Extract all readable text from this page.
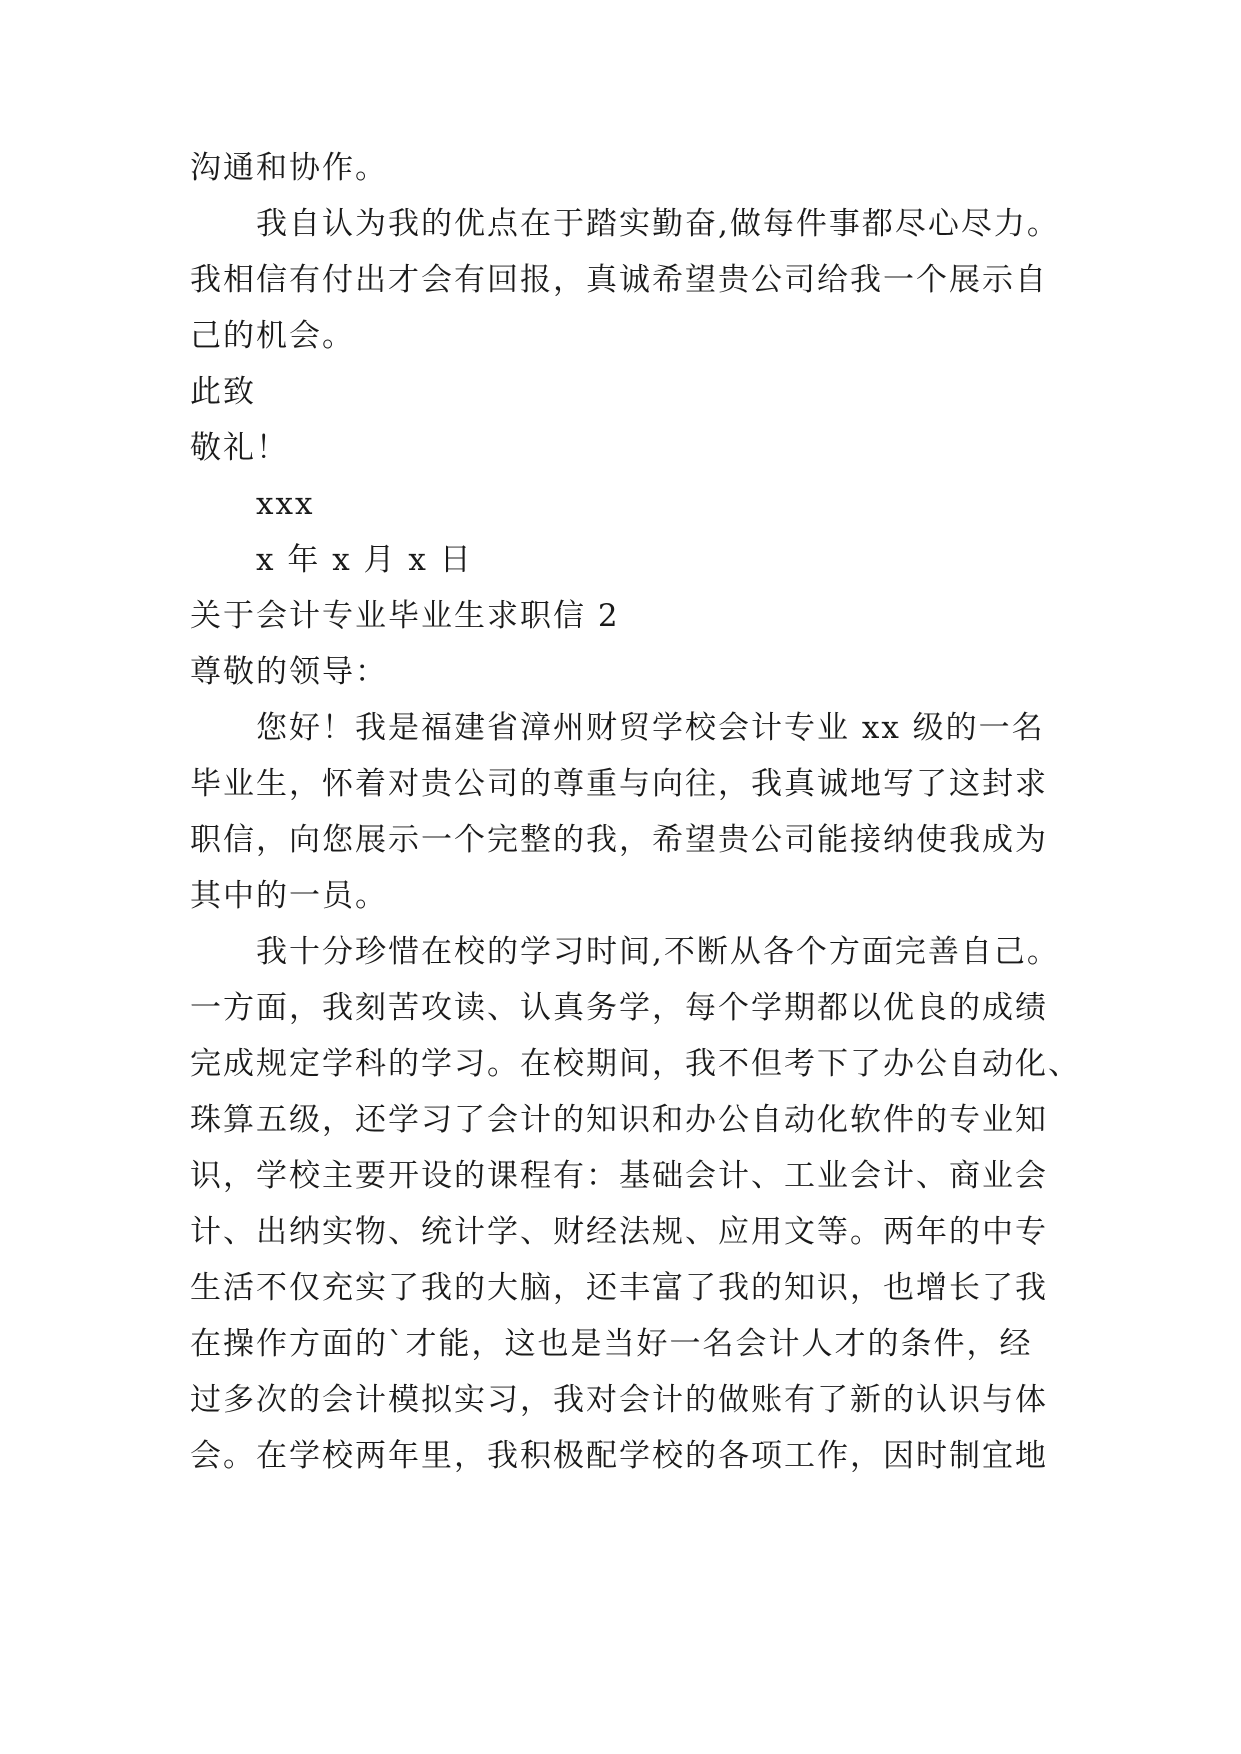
沟通和协作。
我自认为我的优点在于踏实勤奋,做每件事都尽心尽力。
我相信有付出才会有回报，真诚希望贵公司给我一个展示自
己的机会。
此致
敬礼！
xxx
x 年 x 月 x 日
关于会计专业毕业生求职信 2
尊敬的领导：
您好！我是福建省漳州财贸学校会计专业 xx 级的一名
毕业生，怀着对贵公司的尊重与向往，我真诚地写了这封求
职信，向您展示一个完整的我，希望贵公司能接纳使我成为
其中的一员。
我十分珍惜在校的学习时间,不断从各个方面完善自己。
一方面，我刻苦攻读、认真务学，每个学期都以优良的成绩
完成规定学科的学习。在校期间，我不但考下了办公自动化、
珠算五级，还学习了会计的知识和办公自动化软件的专业知
识，学校主要开设的课程有：基础会计、工业会计、商业会
计、出纳实物、统计学、财经法规、应用文等。两年的中专
生活不仅充实了我的大脑，还丰富了我的知识，也增长了我
在操作方面的`才能，这也是当好一名会计人才的条件，经
过多次的会计模拟实习，我对会计的做账有了新的认识与体
会。在学校两年里，我积极配学校的各项工作，因时制宜地
